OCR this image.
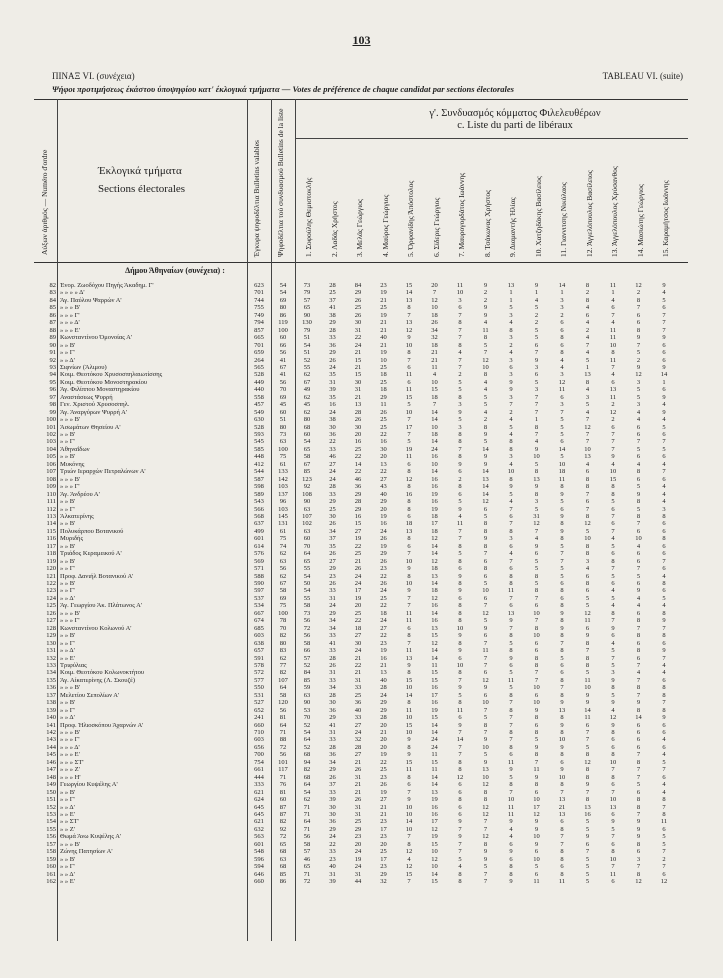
103
ΠΙΝΑΞ VI. (συνέχεια)	TABLEAU VI. (suite)
Ψήφοι προτιμήσεως έκάστου ύποψηφίου κατ' έκλογικά τμήματα — Votes de préférence de chaque candidat par sections électorales
Αύξων άριθμός — Numéro d'ordre	Έκλογικά τμήματα
Sections électorales	Έγκυρα ψηφοδέλτια Bulletins valables Ψηφοδέλτια τού συνδυασμού Bulletins de la liste	γ'. Συνδυασμός κόμματος Φιλελευθέρων
c. Liste du parti de libéraux
1. Σοφούλης Θεμιστοκλής 2. Λαδάς Χρήστος 3. Μελάς Γεώργιος 4. Μαύρος Γεώργιος 5. Όρφανίδης Άπόστολος 6. Σίδερις Γεώργιος 7. Μαυρογορδάτος Ιωάννης 8. Τσάκωνας Χρήστος 9. Διαμαντής Ήλίας 10. Χατζηδάκης Βασίλειος 11. Γιαννιτσης Νικόλαος 12. Άγγελόπουλος Βασίλειος 13. Άγγελόπουλος Χρύσανθος 14. Μασιώτης Γεώργιος 15. Καραμήτσος Ιωάννης
Δήμου Άθηναίων (συνέχεια) :
82 Ένορ. Ζωοδόχου Πηγής Άκαδημ. Γ'	623	54	73	28	84	23	15	20	11	9	13	9	14	8	11	12	9
83 » » » » Δ'	701	54	79	25	29	19	14	7	10	2	1	1	1	2	1	2	4
84 Άγ. Παύλου Ψαρρών Α'	744	69	57	37	26	21	13	12	3	2	1	4	3	8	4	8	5
85 » » » Β'	755	80	65	41	25	25	8	10	6	9	5	5	3	4	6	7	6
86 » » » Γ'	749	86	90	38	26	19	7	18	7	9	3	2	2	6	7	6	7
87 » » » Δ'	794	119	130	29	30	21	13	26	8	4	4	2	6	4	4	6	7
88 » » » Ε'	857	100	79	28	31	21	12	34	7	11	8	5	6	2	11	8	7
89 Κωνσταντίνου Όμονοίας Α'	665	60	51	33	22	40	9	32	7	8	3	5	8	4	11	9	9
90 » » Β'	701	66	54	36	24	21	10	18	8	5	2	6	6	7	10	7	6
91 » » Γ'	659	56	51	29	21	19	8	21	4	7	4	7	8	4	8	5	6
92 » » Δ'	264	41	52	26	15	10	7	21	7	12	3	9	4	5	11	2	6
93 Σιφνίων (Άλιμου)	565	67	55	24	21	25	6	11	7	10	6	3	4	1	7	9	9
94 Κοιμ. Θεοτόκου Χρυσοσπηλαιωτίσσης	528	41	62	35	15	18	11	4	2	8	3	6	3	13	4	12	14
95 Κοιμ. Θεοτόκου Μονοστηρακίου	449	56	67	31	30	25	6	10	5	4	9	5	12	8	6	3	1
96 Άγ. Φιλίππου Μοναστηρακίου	440	70	49	39	31	18	11	15	5	4	9	3	11	4	13	5	6
97 Αναστάσεως Ψυρρή	558	69	62	35	21	29	15	18	8	5	3	7	6	3	11	5	9
98 Γεν. Χριστού Χρυσοσπηλ.	457	45	45	16	13	11	5	7	3	5	7	7	3	5	2	3	4
99 Άγ. Άναργύρων Ψυρρή Α'	549	60	62	24	28	26	10	14	9	4	2	7	7	4	12	4	9
100 » » » Β'	630	51	80	38	26	25	7	14	5	2	4	1	5	7	2	4	4
101 Άσωμάτων Θησείου Α'	528	80	68	30	30	25	17	10	3	8	5	8	5	12	6	6	5
102 » » Β'	593	73	60	36	20	22	7	18	8	9	4	7	5	7	7	6	6
103 » » Γ'	545	63	54	22	16	16	5	14	8	5	8	4	6	7	7	7	7
104 Άθηναΐδων	585	100	65	33	25	30	19	24	7	14	8	9	14	10	7	5	5
105 » » Β'	448	75	58	46	22	20	11	16	8	9	3	10	5	13	9	6	6
106 Μυκόνης	412	61	67	27	14	13	6	10	9	9	4	5	10	4	4	4	4
107 Τριών Ιεραρχών Πετραλώνων Α'	544	133	85	24	22	22	8	14	6	14	10	8	18	6	10	8	7
108 » » » Β'	587	142	123	24	46	27	12	16	2	13	8	13	11	8	15	6	6
109 » » » Γ'	598	103	92	28	36	43	8	16	8	14	9	9	8	8	8	5	4
110 Άγ. Άνδρέου Α'	589	137	108	33	29	40	16	19	6	14	5	8	9	7	8	9	4
111 » » Β'	543	96	90	29	28	29	8	16	5	12	4	3	5	6	5	8	4
112 » » Γ'	566	103	63	25	29	20	8	19	9	6	7	5	6	7	6	5	3
113 Άλκατερίνης	568	145	107	30	16	19	6	18	4	5	6	31	9	8	7	8	8
114 » » Β'	637	131	102	26	15	16	18	17	11	8	7	12	8	12	6	7	6
115 Πολυκάρπου Βοτανικού	499	61	63	34	27	24	13	18	7	8	8	7	9	5	7	6	6
116 Μυριδής	601	75	60	37	19	26	8	12	7	9	3	4	8	10	4	10	8
117 » » Β'	614	74	70	35	22	19	6	14	8	8	6	9	5	8	5	4	6
118 Τριάδος Κεραμεικού Α'	576	62	64	26	25	29	7	14	5	7	4	6	7	8	6	6	6
119 » » Β'	569	63	65	27	21	26	10	12	8	6	7	5	7	3	8	6	7
120 » » Γ'	571	56	55	29	26	23	9	18	6	8	6	5	5	4	7	7	6
121 Προφ. Δανιήλ Βοτανικού Α'	588	62	54	23	24	22	8	13	9	6	8	8	5	6	5	5	4
122 » » Β'	590	67	50	26	24	26	10	14	8	5	8	5	6	8	6	6	8
123 » » Γ'	597	58	54	33	17	24	9	18	9	10	11	8	8	6	4	9	6
124 » » Δ'	537	69	55	31	19	25	7	12	6	6	7	7	6	5	5	4	5
125 Άγ. Γεωργίου Άκ. Πλάτωνος Α'	534	75	58	24	20	22	7	16	8	7	6	6	8	5	4	4	4
126 » » » Β'	667	100	73	29	25	18	11	14	8	12	13	10	9	12	8	6	8
127 » » » Γ'	674	78	56	34	22	24	11	16	8	5	9	7	8	11	7	8	9
128 Κωνσταντίνου Κολωνού Α'	685	70	72	34	18	27	6	13	10	9	7	8	9	6	9	7	7
129 » » Β'	603	82	56	33	27	22	8	15	9	6	8	10	8	9	6	8	8
130 » » Γ'	638	80	58	41	30	23	7	12	8	7	5	6	7	8	4	6	6
131 » » Δ'	657	83	66	33	24	19	11	14	9	11	8	6	8	7	5	8	9
132 » » Ε'	591	62	57	28	21	16	13	14	6	7	9	8	5	8	7	6	7
133 Τριφύλιας	578	77	52	26	22	21	9	11	10	7	6	8	6	8	5	7	4
134 Κοιμ. Θεοτόκου Κολωνοκτήτου	572	82	84	31	21	13	8	15	8	6	5	7	6	5	3	4	4
135 Άγ. Αίκατερίνης (Λ. Σκουζέ)	577	107	85	33	31	40	15	15	7	12	11	7	8	11	9	7	6
136 » » » Β'	550	64	59	34	33	28	10	16	9	9	5	10	7	10	8	8	8
137 Μελετίου Σεπολίων Α'	531	58	63	28	25	24	14	17	5	6	8	6	8	9	5	7	8
138 » » Β'	527	120	90	30	36	29	8	16	8	10	7	10	9	9	9	9	7
139 » » Γ'	652	56	53	36	40	29	11	19	11	7	8	9	13	14	4	8	8
140 » » Δ'	241	81	70	29	33	28	10	15	6	5	7	8	8	11	12	14	9
141 Προφ. Ήλιοσκόπου Άχαρνών Α'	660	64	52	41	27	20	15	14	9	8	7	6	9	6	9	6	6
142 » » » Β'	710	71	54	31	24	21	10	14	7	7	8	8	8	7	8	6	6
143 » » » Γ'	603	88	64	33	32	20	9	24	14	9	7	5	10	7	6	6	4
144 » » » Δ'	656	72	52	28	28	20	8	24	7	10	8	9	9	5	6	6	6
145 » » » Ε'	700	56	68	36	27	19	9	11	7	5	6	8	8	8	8	7	4
146 » » » ΣΤ'	754	101	94	34	21	22	15	15	8	9	11	7	6	12	10	8	5
147 » » » Ζ'	661	117	82	29	26	25	11	11	8	13	9	11	9	8	7	7	7
148 » » » Η'	444	71	68	26	31	23	8	14	12	10	5	9	10	8	8	7	6
149 Γεωργίου Κυψέλης Α'	333	76	64	37	21	26	6	14	6	12	8	8	8	9	6	5	4
150 » » Β'	621	81	54	33	21	19	7	13	6	8	7	6	7	7	7	6	4
151 » » Γ'	624	60	62	39	26	27	9	19	8	8	10	10	13	8	10	8	8
152 » » Δ'	645	87	71	30	31	21	10	16	6	12	11	17	21	13	13	8	7
153 » » Ε'	645	87	71	30	31	21	10	16	6	12	11	12	13	16	6	7	8
154 » » ΣΤ'	621	82	64	36	25	23	14	17	9	7	9	9	6	5	9	9	11
155 » » Ζ'	632	92	71	29	29	17	10	12	7	7	4	9	8	5	5	9	6
156 Θωμά Άνω Κυψέλης Α'	563	72	56	24	23	23	7	19	9	12	4	10	7	9	7	9	5
157 » » » Β'	601	65	58	22	20	20	8	15	7	8	6	9	7	6	6	8	5
158 Ζώνης Πατησίων Α'	548	68	57	33	24	25	12	10	7	9	9	6	8	7	8	6	7
159 » » Β'	596	63	46	23	19	17	4	12	5	9	6	10	8	5	10	3	2
160 » » Γ'	594	68	65	40	24	23	12	10	4	5	8	5	6	5	7	7	7
161 » » Δ'	646	85	71	31	31	29	15	14	8	7	8	6	8	5	11	8	6
162 » » Ε'	660	86	72	39	44	32	7	15	8	7	9	11	11	5	6	12	12
